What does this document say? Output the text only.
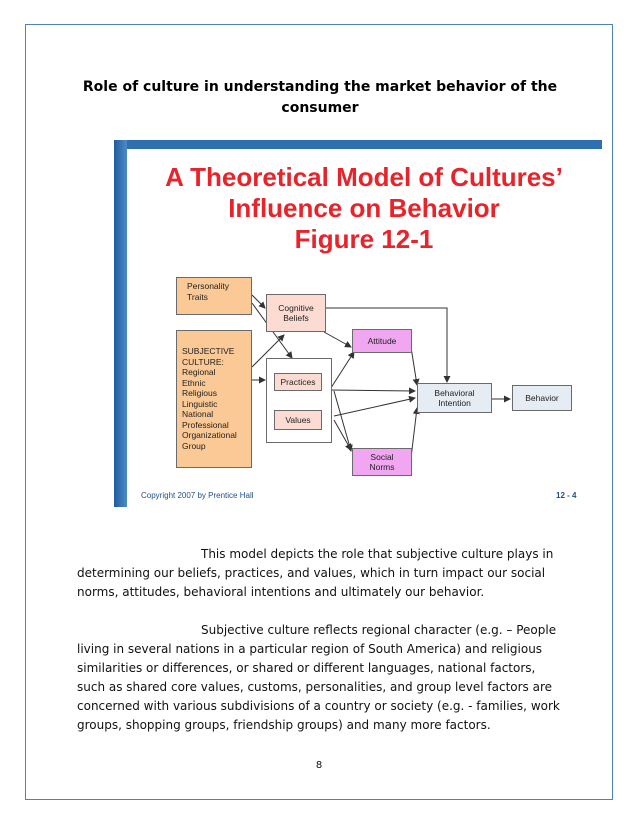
Role of culture in understanding the market behavior of the consumer
A Theoretical Model of Cultures’
Influence on Behavior
Figure 12-1
Personality
Traits
SUBJECTIVE
CULTURE:
Regional
Ethnic
Religious
Linguistic
National
Professional
Organizational
Group
Cognitive
Beliefs
Practices
Values
Attitude
Social
Norms
Behavioral
Intention
Behavior
Copyright 2007 by Prentice Hall	12 - 4
This model depicts the role that subjective culture plays in determining our beliefs, practices, and values, which in turn impact our social norms, attitudes, behavioral intentions and ultimately our behavior.
Subjective culture reflects regional character (e.g. – People living in several nations in a particular region of South America) and religious similarities or differences, or shared or different languages, national factors, such as shared core values, customs, personalities, and group level factors are concerned with various subdivisions of a country or society (e.g. - families, work groups, shopping groups, friendship groups) and many more factors.
8
